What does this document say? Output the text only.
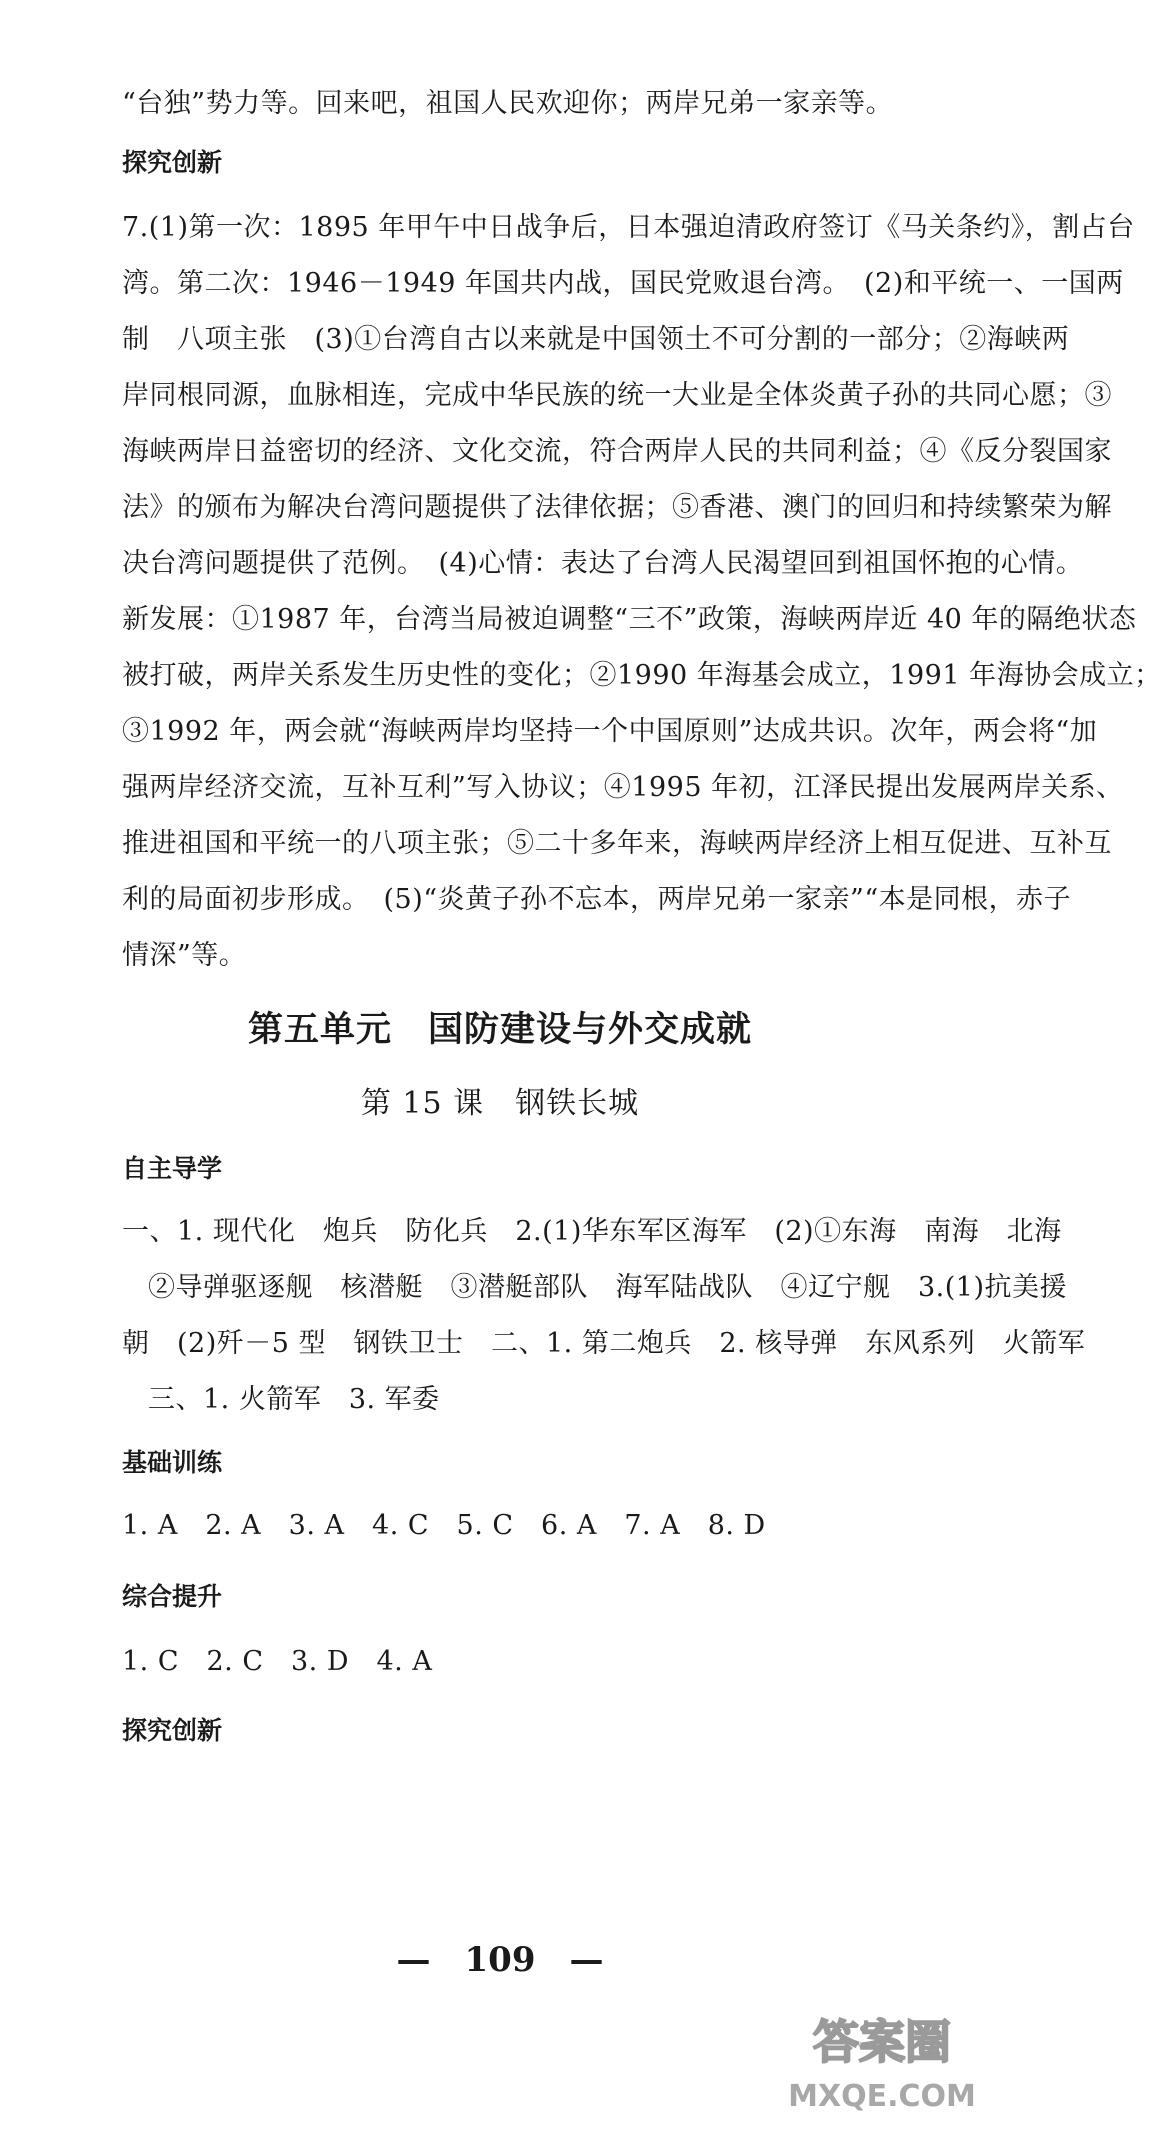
“台独”势力等。回来吧，祖国人民欢迎你；两岸兄弟一家亲等。
探究创新
7.(1)第一次：1895 年甲午中日战争后，日本强迫清政府签订《马关条约》，割占台
湾。第二次：1946－1949 年国共内战，国民党败退台湾。　(2)和平统一、一国两
制　八项主张　(3)①台湾自古以来就是中国领土不可分割的一部分；②海峡两
岸同根同源，血脉相连，完成中华民族的统一大业是全体炎黄子孙的共同心愿；③
海峡两岸日益密切的经济、文化交流，符合两岸人民的共同利益；④《反分裂国家
法》的颁布为解决台湾问题提供了法律依据；⑤香港、澳门的回归和持续繁荣为解
决台湾问题提供了范例。　(4)心情：表达了台湾人民渴望回到祖国怀抱的心情。
新发展：①1987 年，台湾当局被迫调整“三不”政策，海峡两岸近 40 年的隔绝状态
被打破，两岸关系发生历史性的变化；②1990 年海基会成立，1991 年海协会成立；
③1992 年，两会就“海峡两岸均坚持一个中国原则”达成共识。次年，两会将“加
强两岸经济交流，互补互利”写入协议；④1995 年初，江泽民提出发展两岸关系、
推进祖国和平统一的八项主张；⑤二十多年来，海峡两岸经济上相互促进、互补互
利的局面初步形成。　(5)“炎黄子孙不忘本，两岸兄弟一家亲”“本是同根，赤子
情深”等。
第五单元　国防建设与外交成就
第 15 课　钢铁长城
自主导学
一、1. 现代化　炮兵　防化兵　2.(1)华东军区海军　(2)①东海　南海　北海
②导弹驱逐舰　核潜艇　③潜艇部队　海军陆战队　④辽宁舰　3.(1)抗美援
朝　(2)歼－5 型　钢铁卫士　二、1. 第二炮兵　2. 核导弹　东风系列　火箭军
三、1. 火箭军　3. 军委
基础训练
1. A　2. A　3. A　4. C　5. C　6. A　7. A　8. D
综合提升
1. C　2. C　3. D　4. A
探究创新
—　109　—
答案圈
MXQE.COM
